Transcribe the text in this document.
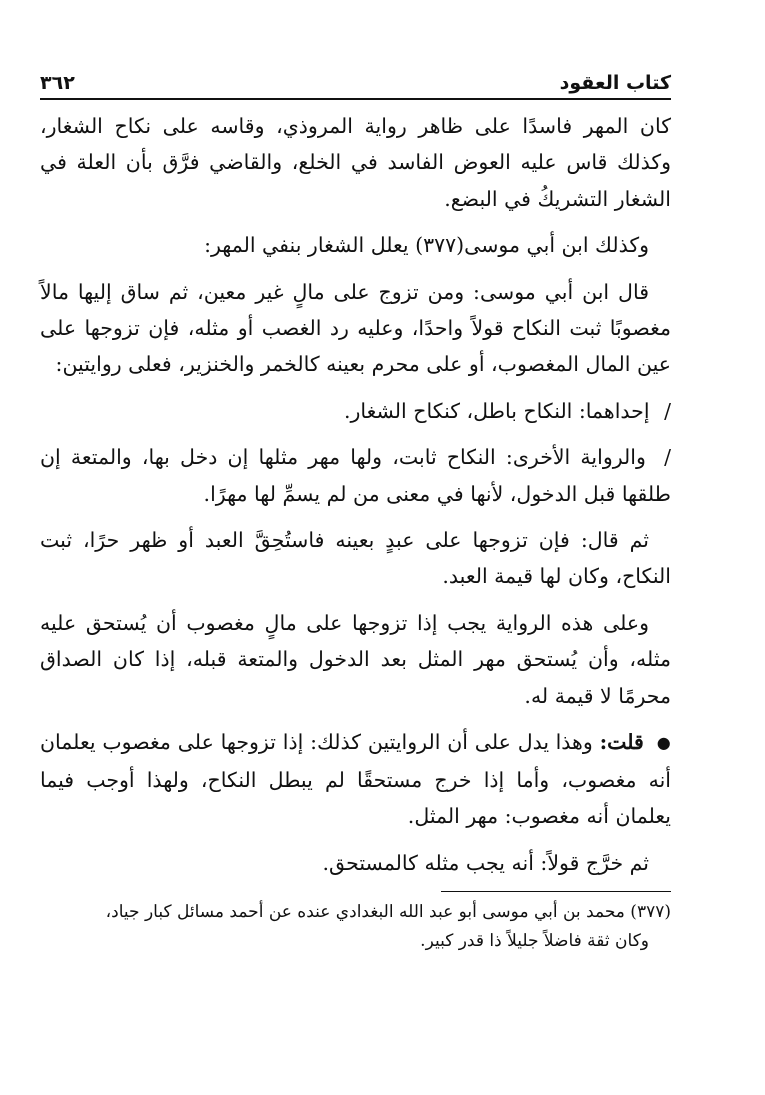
٣٦٢	كتاب العقود

كان المهر فاسدًا على ظاهر رواية المروذي، وقاسه على نكاح الشغار، وكذلك قاس عليه العوض الفاسد في الخلع، والقاضي فرَّق بأن العلة في الشغار التشريكُ في البضع.

وكذلك ابن أبي موسى(٣٧٧) يعلل الشغار بنفي المهر:

قال ابن أبي موسى: ومن تزوج على مالٍ غير معين، ثم ساق إليها مالاً مغصوبًا ثبت النكاح قولاً واحدًا، وعليه رد الغصب أو مثله، فإن تزوجها على عين المال المغصوب، أو على محرم بعينه كالخمر والخنزير، فعلى روايتين:

/ إحداهما: النكاح باطل، كنكاح الشغار.

/ والرواية الأخرى: النكاح ثابت، ولها مهر مثلها إن دخل بها، والمتعة إن طلقها قبل الدخول، لأنها في معنى من لم يسمِّ لها مهرًا.

ثم قال: فإن تزوجها على عبدٍ بعينه فاستُحِقَّ العبد أو ظهر حرًا، ثبت النكاح، وكان لها قيمة العبد.

وعلى هذه الرواية يجب إذا تزوجها على مالٍ مغصوب أن يُستحق عليه مثله، وأن يُستحق مهر المثل بعد الدخول والمتعة قبله، إذا كان الصداق محرمًا لا قيمة له.

● قلت: وهذا يدل على أن الروايتين كذلك: إذا تزوجها على مغصوب يعلمان أنه مغصوب، وأما إذا خرج مستحقًا لم يبطل النكاح، ولهذا أوجب فيما يعلمان أنه مغصوب: مهر المثل.

ثم خرَّج قولاً: أنه يجب مثله كالمستحق.

(٣٧٧) محمد بن أبي موسى أبو عبد الله البغدادي عنده عن أحمد مسائل كبار جياد،

وكان ثقة فاضلاً جليلاً ذا قدر كبير.
